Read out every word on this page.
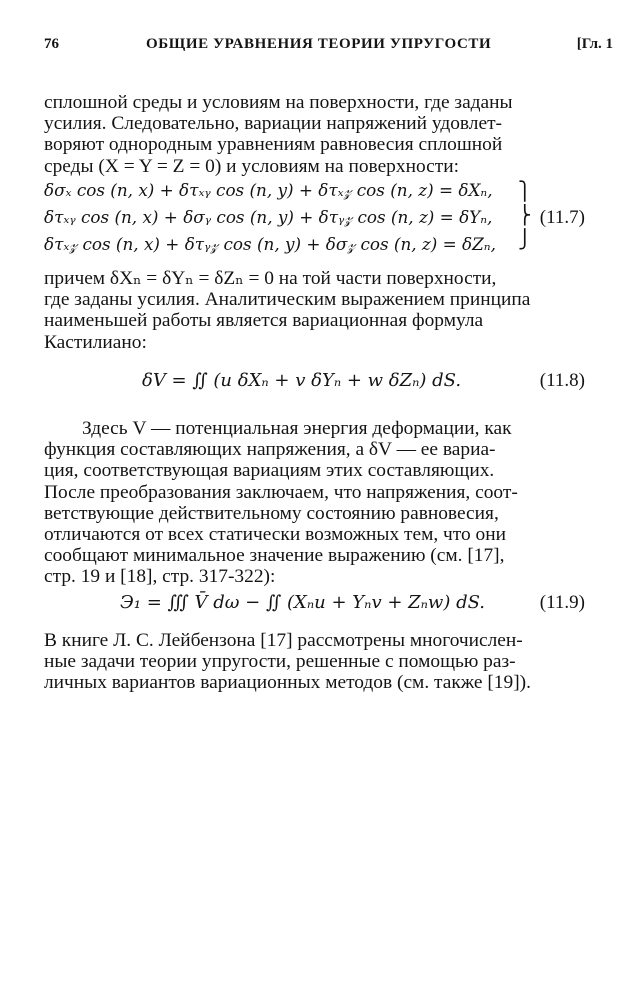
76	ОБЩИЕ УРАВНЕНИЯ ТЕОРИИ УПРУГОСТИ	[Гл. 1

сплошной среды и условиям на поверхности, где заданы

усилия. Следовательно, вариации напряжений удовлет-

воряют однородным уравнениям равновесия сплошной

среды (X = Y = Z = 0) и условиям на поверхности:

δσₓ cos (n, x) + δτₓᵧ cos (n, y) + δτₓ𝓏 cos (n, z) = δXₙ,
δτₓᵧ cos (n, x) + δσᵧ cos (n, y) + δτᵧ𝓏 cos (n, z) = δYₙ,
δτₓ𝓏 cos (n, x) + δτᵧ𝓏 cos (n, y) + δσ𝓏 cos (n, z) = δZₙ,
⎫
⎬
⎭
(11.7)

причем δXₙ = δYₙ = δZₙ = 0 на той части поверхности,

где заданы усилия. Аналитическим выражением принципа

наименьшей работы является вариационная формула

Кастилиано:

δV = ∬ (u δXₙ + v δYₙ + w δZₙ) dS.	(11.8)

Здесь V — потенциальная энергия деформации, как

функция составляющих напряжения, а δV — ее вариа-

ция, соответствующая вариациям этих составляющих.

После преобразования заключаем, что напряжения, соот-

ветствующие действительному состоянию равновесия,

отличаются от всех статически возможных тем, что они

сообщают минимальное значение выражению (см. [17],

стр. 19 и [18], стр. 317-322):

Э₁ = ∭ V̄ dω − ∬ (Xₙu + Yₙv + Zₙw) dS.	(11.9)

В книге Л. С. Лейбензона [17] рассмотрены многочислен-

ные задачи теории упругости, решенные с помощью раз-

личных вариантов вариационных методов (см. также [19]).
